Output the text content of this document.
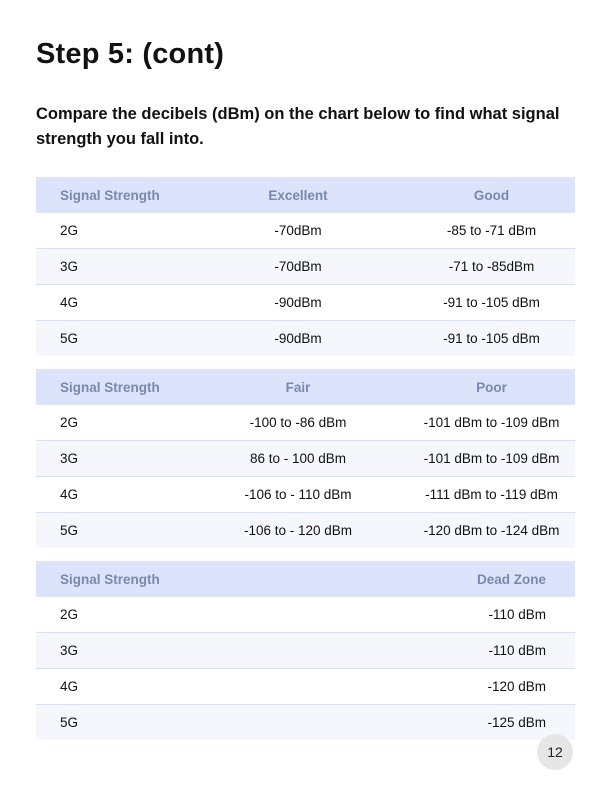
Step 5: (cont)

Compare the decibels (dBm) on the chart below to find what signal strength you fall into.

Signal Strength	Excellent	Good
2G	-70dBm	-85 to -71 dBm
3G	-70dBm	-71 to -85dBm
4G	-90dBm	-91 to -105 dBm
5G	-90dBm	-91 to -105 dBm
Signal Strength	Fair	Poor
2G	-100 to -86 dBm	-101 dBm to -109 dBm
3G	86 to - 100 dBm	-101 dBm to -109 dBm
4G	-106 to - 110 dBm	-111 dBm to -119 dBm
5G	-106 to - 120 dBm	-120 dBm to -124 dBm
Signal Strength		Dead Zone
2G		-110 dBm
3G		-110 dBm
4G		-120 dBm
5G		-125 dBm
12
